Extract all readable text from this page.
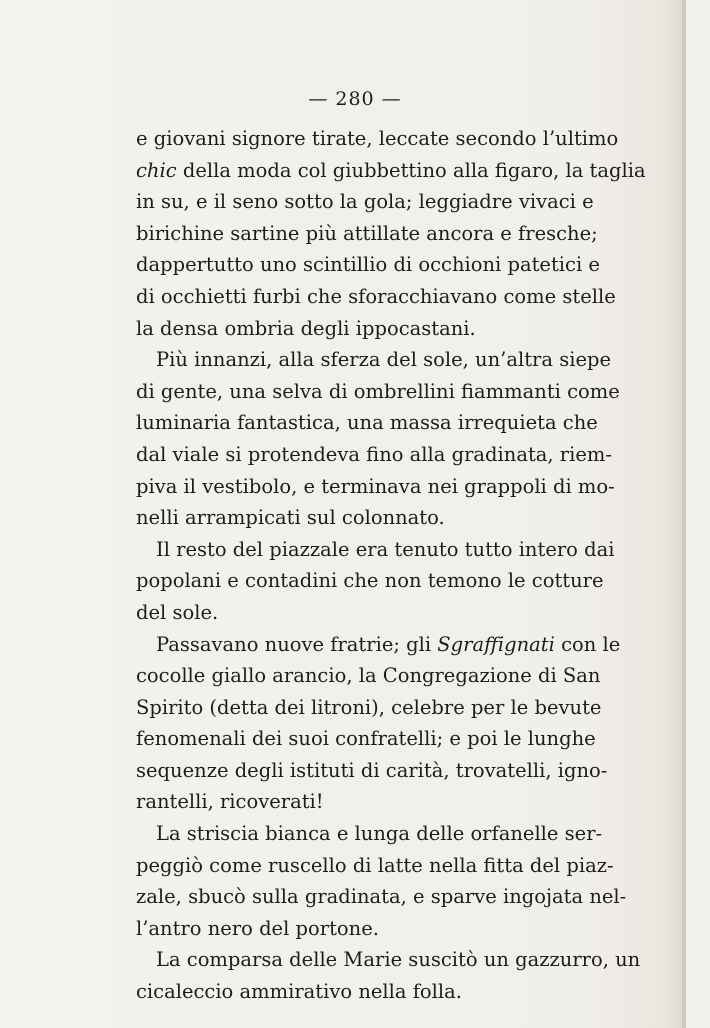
— 280 —
e giovani signore tirate, leccate secondo l’ultimo
chic della moda col giubbettino alla figaro, la taglia
in su, e il seno sotto la gola; leggiadre vivaci e
birichine sartine più attillate ancora e fresche;
dappertutto uno scintillio di occhioni patetici e
di occhietti furbi che sforacchiavano come stelle
la densa ombria degli ippocastani.
Più innanzi, alla sferza del sole, un’altra siepe
di gente, una selva di ombrellini fiammanti come
luminaria fantastica, una massa irrequieta che
dal viale si protendeva fino alla gradinata, riem-
piva il vestibolo, e terminava nei grappoli di mo-
nelli arrampicati sul colonnato.
Il resto del piazzale era tenuto tutto intero dai
popolani e contadini che non temono le cotture
del sole.
Passavano nuove fratrie; gli Sgraffignati con le
cocolle giallo arancio, la Congregazione di San
Spirito (detta dei litroni), celebre per le bevute
fenomenali dei suoi confratelli; e poi le lunghe
sequenze degli istituti di carità, trovatelli, igno-
rantelli, ricoverati!
La striscia bianca e lunga delle orfanelle ser-
peggiò come ruscello di latte nella fitta del piaz-
zale, sbucò sulla gradinata, e sparve ingojata nel-
l’antro nero del portone.
La comparsa delle Marie suscitò un gazzurro, un
cicaleccio ammirativo nella folla.
